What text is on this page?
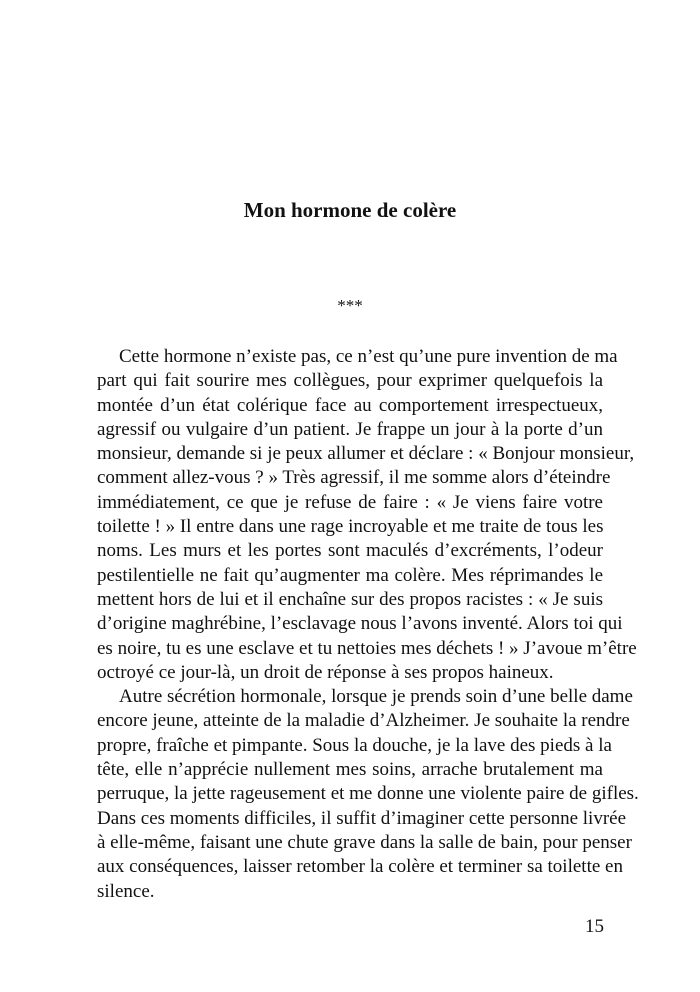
Mon hormone de colère
***
Cette hormone n’existe pas, ce n’est qu’une pure invention de ma
part qui fait sourire mes collègues, pour exprimer quelquefois la
montée d’un état colérique face au comportement irrespectueux,
agressif ou vulgaire d’un patient. Je frappe un jour à la porte d’un
monsieur, demande si je peux allumer et déclare : « Bonjour monsieur,
comment allez-vous ? » Très agressif, il me somme alors d’éteindre
immédiatement, ce que je refuse de faire : « Je viens faire votre
toilette ! » Il entre dans une rage incroyable et me traite de tous les
noms. Les murs et les portes sont maculés d’excréments, l’odeur
pestilentielle ne fait qu’augmenter ma colère. Mes réprimandes le
mettent hors de lui et il enchaîne sur des propos racistes : « Je suis
d’origine maghrébine, l’esclavage nous l’avons inventé. Alors toi qui
es noire, tu es une esclave et tu nettoies mes déchets ! » J’avoue m’être
octroyé ce jour-là, un droit de réponse à ses propos haineux.
Autre sécrétion hormonale, lorsque je prends soin d’une belle dame
encore jeune, atteinte de la maladie d’Alzheimer. Je souhaite la rendre
propre, fraîche et pimpante. Sous la douche, je la lave des pieds à la
tête, elle n’apprécie nullement mes soins, arrache brutalement ma
perruque, la jette rageusement et me donne une violente paire de gifles.
Dans ces moments difficiles, il suffit d’imaginer cette personne livrée
à elle-même, faisant une chute grave dans la salle de bain, pour penser
aux conséquences, laisser retomber la colère et terminer sa toilette en
silence.
15
